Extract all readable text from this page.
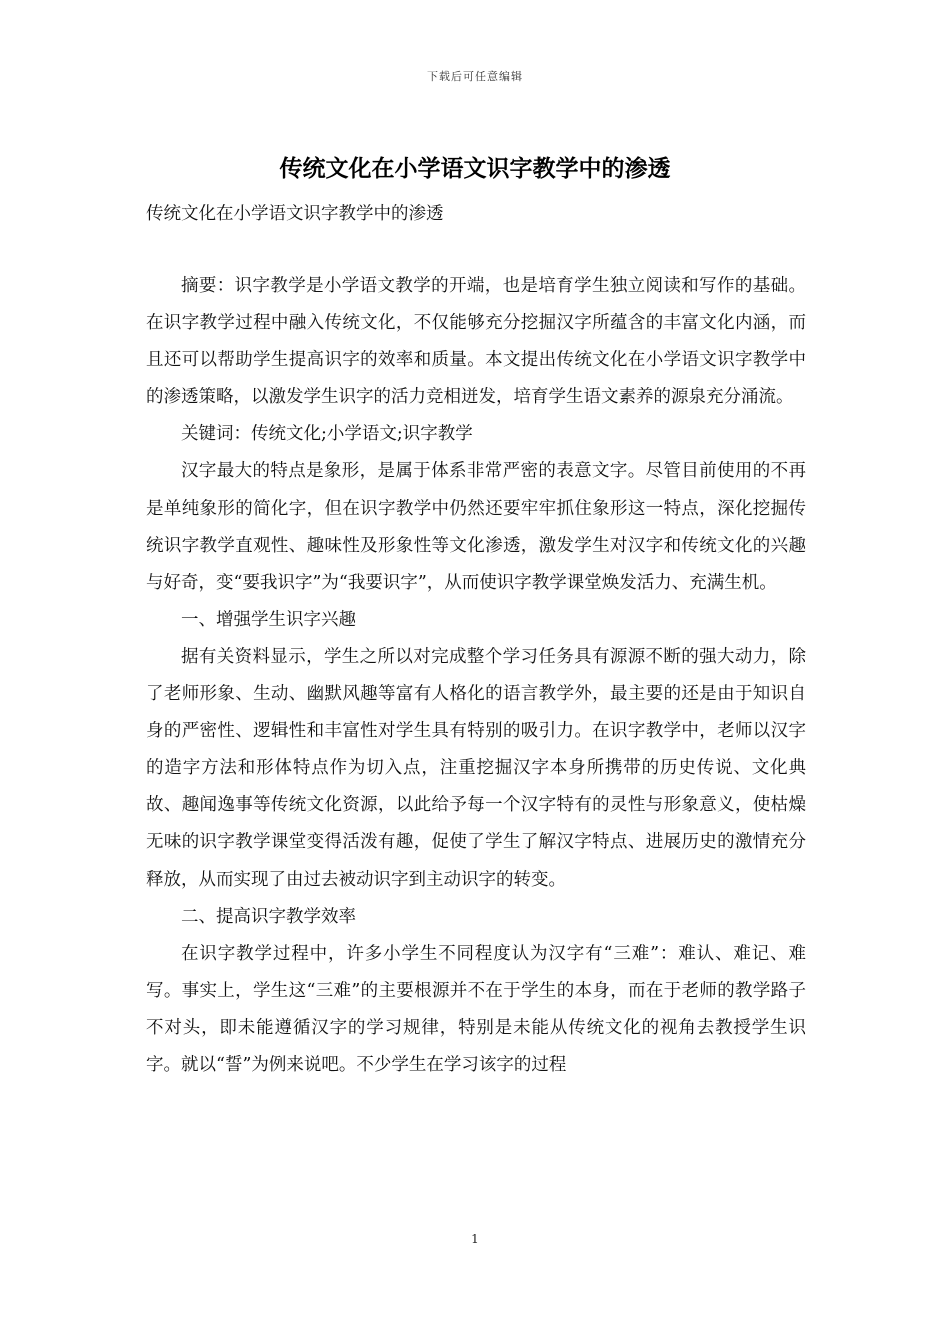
下载后可任意编辑
传统文化在小学语文识字教学中的渗透

传统文化在小学语文识字教学中的渗透

摘要：识字教学是小学语文教学的开端，也是培育学生独立阅读和写作的基础。在识字教学过程中融入传统文化，不仅能够充分挖掘汉字所蕴含的丰富文化内涵，而且还可以帮助学生提高识字的效率和质量。本文提出传统文化在小学语文识字教学中的渗透策略，以激发学生识字的活力竞相迸发，培育学生语文素养的源泉充分涌流。

关键词：传统文化;小学语文;识字教学

汉字最大的特点是象形，是属于体系非常严密的表意文字。尽管目前使用的不再是单纯象形的简化字，但在识字教学中仍然还要牢牢抓住象形这一特点，深化挖掘传统识字教学直观性、趣味性及形象性等文化渗透，激发学生对汉字和传统文化的兴趣与好奇，变“要我识字”为“我要识字”，从而使识字教学课堂焕发活力、充满生机。

一、增强学生识字兴趣

据有关资料显示，学生之所以对完成整个学习任务具有源源不断的强大动力，除了老师形象、生动、幽默风趣等富有人格化的语言教学外，最主要的还是由于知识自身的严密性、逻辑性和丰富性对学生具有特别的吸引力。在识字教学中，老师以汉字的造字方法和形体特点作为切入点，注重挖掘汉字本身所携带的历史传说、文化典故、趣闻逸事等传统文化资源，以此给予每一个汉字特有的灵性与形象意义，使枯燥无味的识字教学课堂变得活泼有趣，促使了学生了解汉字特点、进展历史的激情充分释放，从而实现了由过去被动识字到主动识字的转变。

二、提高识字教学效率

在识字教学过程中，许多小学生不同程度认为汉字有“三难”：难认、难记、难写。事实上，学生这“三难”的主要根源并不在于学生的本身，而在于老师的教学路子不对头，即未能遵循汉字的学习规律，特别是未能从传统文化的视角去教授学生识字。就以“誓”为例来说吧。不少学生在学习该字的过程

1
